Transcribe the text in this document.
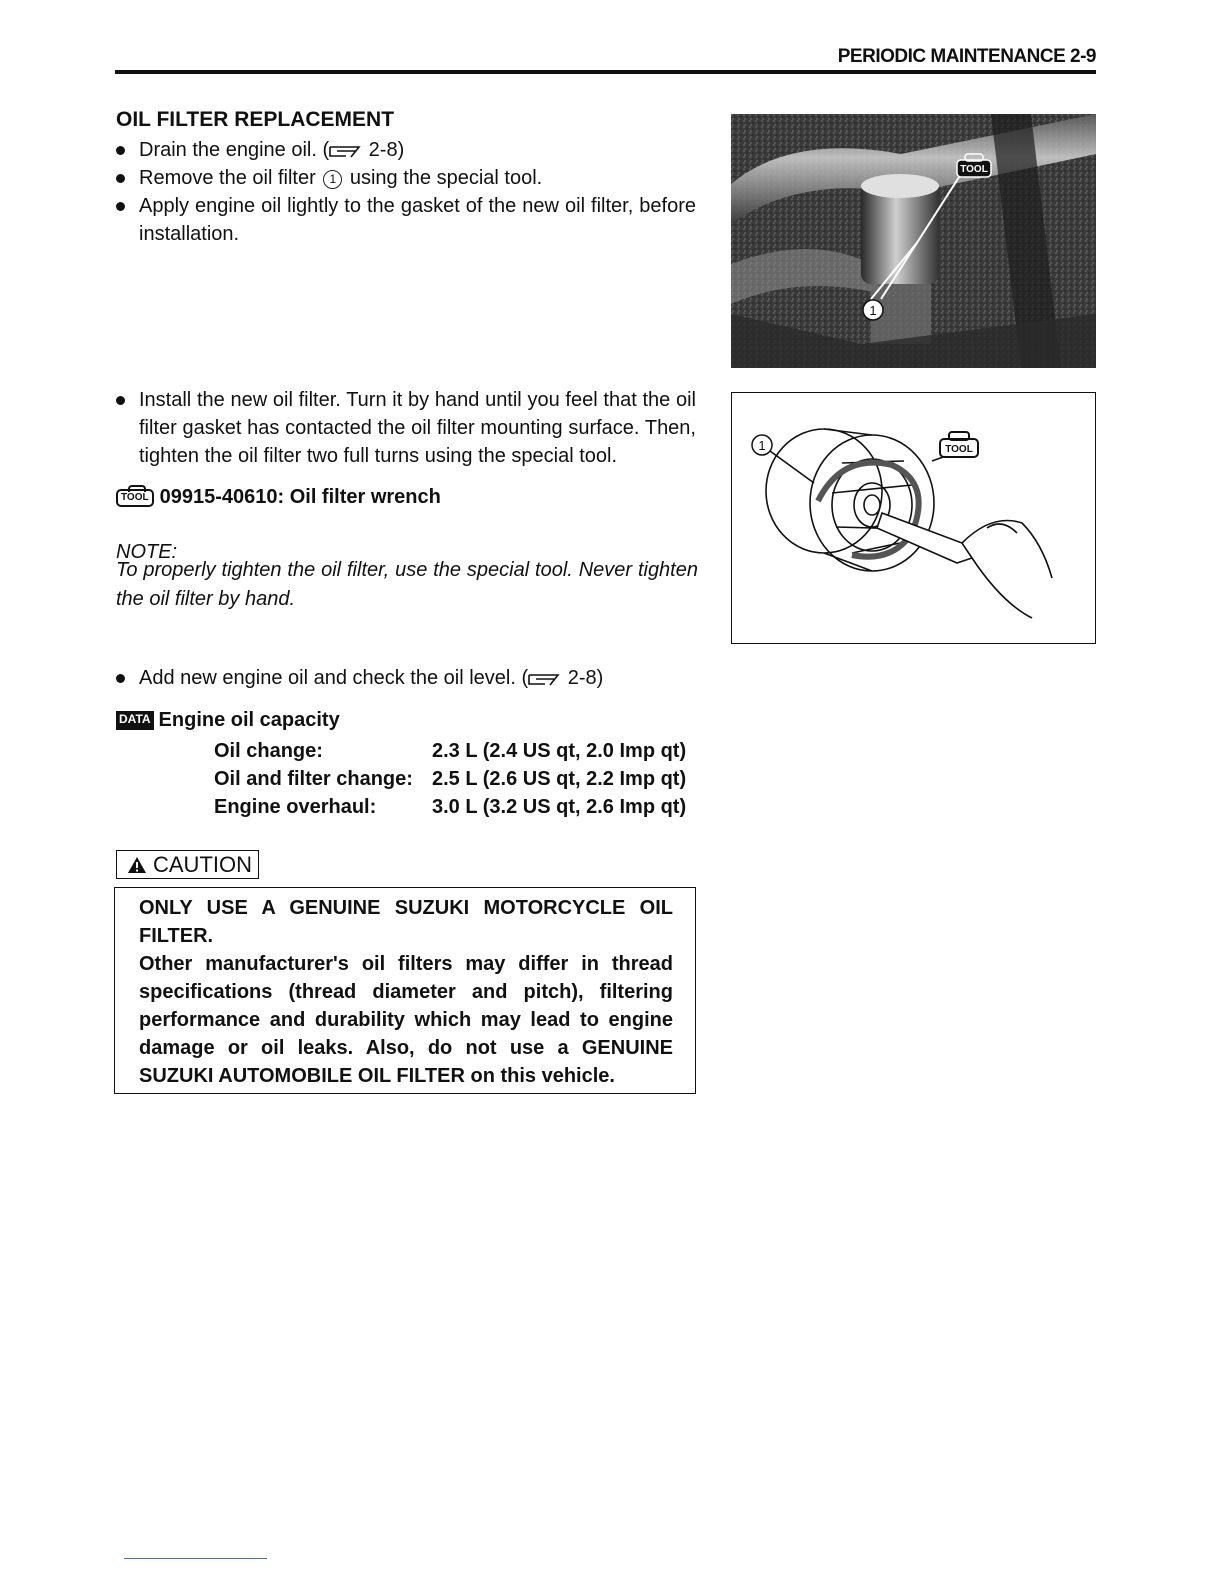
PERIODIC MAINTENANCE 2-9
OIL FILTER REPLACEMENT
Drain the engine oil. ( 2-8)
Remove the oil filter 1 using the special tool.
Apply engine oil lightly to the gasket of the new oil filter, before installation.
Install the new oil filter. Turn it by hand until you feel that the oil filter gasket has contacted the oil filter mounting surface. Then, tighten the oil filter two full turns using the special tool.
TOOL 09915-40610: Oil filter wrench
NOTE:
To properly tighten the oil filter, use the special tool. Never tighten the oil filter by hand.
Add new engine oil and check the oil level. ( 2-8)
DATA Engine oil capacity
Oil change:	2.3 L (2.4 US qt, 2.0 Imp qt)
Oil and filter change:	2.5 L (2.6 US qt, 2.2 Imp qt)
Engine overhaul:	3.0 L (3.2 US qt, 2.6 Imp qt)
CAUTION

ONLY USE A GENUINE SUZUKI MOTORCYCLE OIL FILTER.

Other manufacturer's oil filters may differ in thread specifications (thread diameter and pitch), filtering performance and durability which may lead to engine damage or oil leaks. Also, do not use a GENUINE SUZUKI AUTOMOBILE OIL FILTER on this vehicle.

1
TOOL
1	TOOL
